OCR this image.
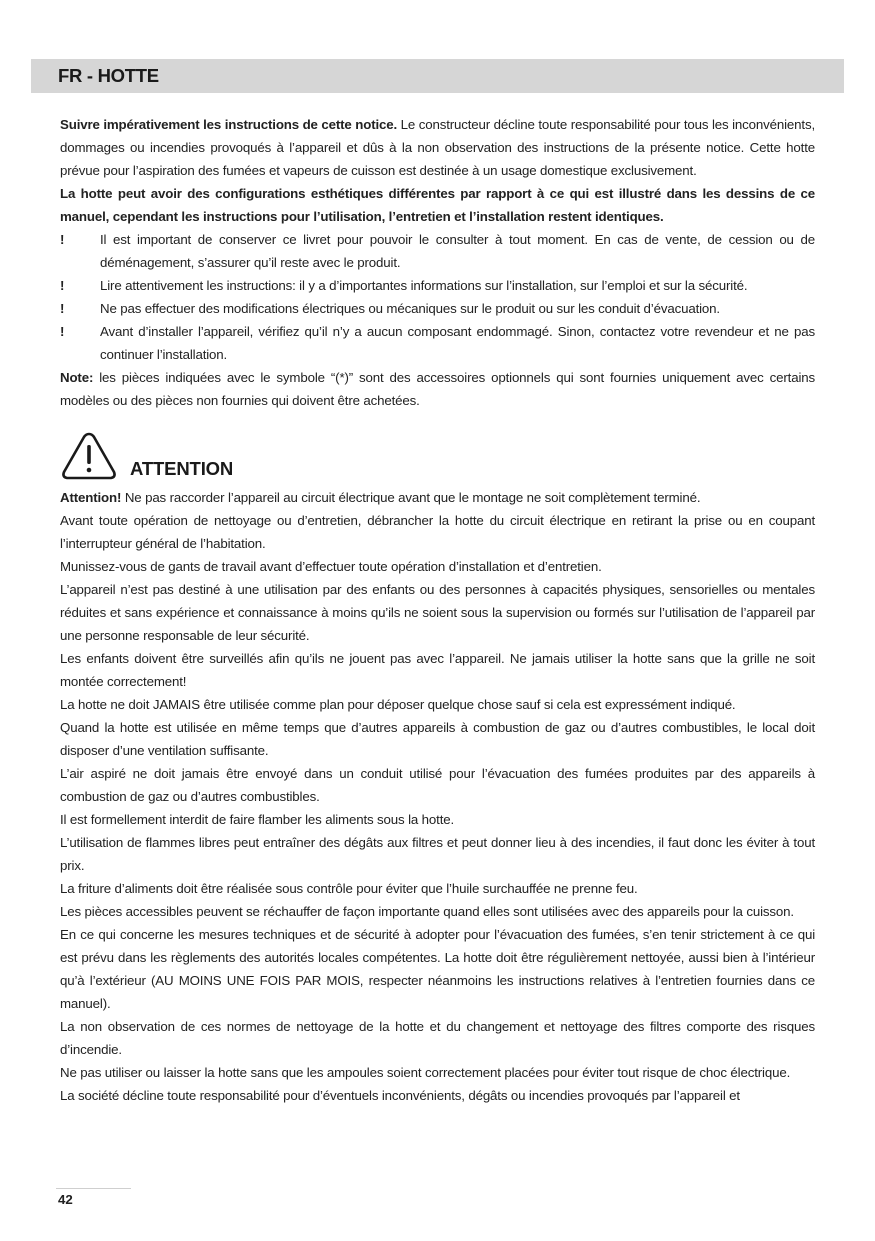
FR - HOTTE

Suivre impérativement les instructions de cette notice. Le constructeur décline toute responsabilité pour tous les inconvénients, dommages ou incendies provoqués à l’appareil et dûs à la non observation des instructions de la présente notice. Cette hotte prévue pour l’aspiration des fumées et vapeurs de cuisson est destinée à un usage domestique exclusivement.

La hotte peut avoir des configurations esthétiques différentes par rapport à ce qui est illustré dans les dessins de ce manuel, cependant les instructions pour l’utilisation, l’entretien et l’installation restent identiques.

!	Il est important de conserver ce livret pour pouvoir le consulter à tout moment. En cas de vente, de cession ou de déménagement, s’assurer qu’il reste avec le produit.
!	Lire attentivement les instructions: il y a d’importantes informations sur l’installation, sur l’emploi et sur la sécurité.
!	Ne pas effectuer des modifications électriques ou mécaniques sur le produit ou sur les conduit d’évacuation.
!	Avant d’installer l’appareil, vérifiez qu’il n’y a aucun composant endommagé. Sinon, contactez votre revendeur et ne pas continuer l’installation.

Note: les pièces indiquées avec le symbole “(*)” sont des accessoires optionnels qui sont fournies uniquement avec certains modèles ou des pièces non fournies qui doivent être achetées.

ATTENTION

Attention! Ne pas raccorder l’appareil au circuit électrique avant que le montage ne soit complètement terminé.

Avant toute opération de nettoyage ou d’entretien, débrancher la hotte du circuit électrique en retirant la prise ou en coupant l’interrupteur général de l’habitation.

Munissez-vous de gants de travail avant d’effectuer toute opération d’installation et d’entretien.

L’appareil n’est pas destiné à une utilisation par des enfants ou des personnes à capacités physiques, sensorielles ou mentales réduites et sans expérience et connaissance à moins qu’ils ne soient sous la supervision ou formés sur l’utilisation de l’appareil par une personne responsable de leur sécurité.

Les enfants doivent être surveillés afin qu’ils ne jouent pas avec l’appareil. Ne jamais utiliser la hotte sans que la grille ne soit montée correctement!

La hotte ne doit JAMAIS être utilisée comme plan pour déposer quelque chose sauf si cela est expressément indiqué.

Quand la hotte est utilisée en même temps que d’autres appareils à combustion de gaz ou d’autres combustibles, le local doit disposer d’une ventilation suffisante.

L’air aspiré ne doit jamais être envoyé dans un conduit utilisé pour l’évacuation des fumées produites par des appareils à combustion de gaz ou d’autres combustibles.

Il est formellement interdit de faire flamber les aliments sous la hotte.

L’utilisation de flammes libres peut entraîner des dégâts aux filtres et peut donner lieu à des incendies, il faut donc les éviter à tout prix.

La friture d’aliments doit être réalisée sous contrôle pour éviter que l’huile surchauffée ne prenne feu.

Les pièces accessibles peuvent se réchauffer de façon importante quand elles sont utilisées avec des appareils pour la cuisson.

En ce qui concerne les mesures techniques et de sécurité à adopter pour l’évacuation des fumées, s’en tenir strictement à ce qui est prévu dans les règlements des autorités locales compétentes. La hotte doit être régulièrement nettoyée, aussi bien à l’intérieur qu’à l’extérieur (AU MOINS UNE FOIS PAR MOIS, respecter néanmoins les instructions relatives à l’entretien fournies dans ce manuel).

La non observation de ces normes de nettoyage de la hotte et du changement et nettoyage des filtres comporte des risques d’incendie.

Ne pas utiliser ou laisser la hotte sans que les ampoules soient correctement placées pour éviter tout risque de choc électrique.

La société décline toute responsabilité pour d’éventuels inconvénients, dégâts ou incendies provoqués par l’appareil et

42
